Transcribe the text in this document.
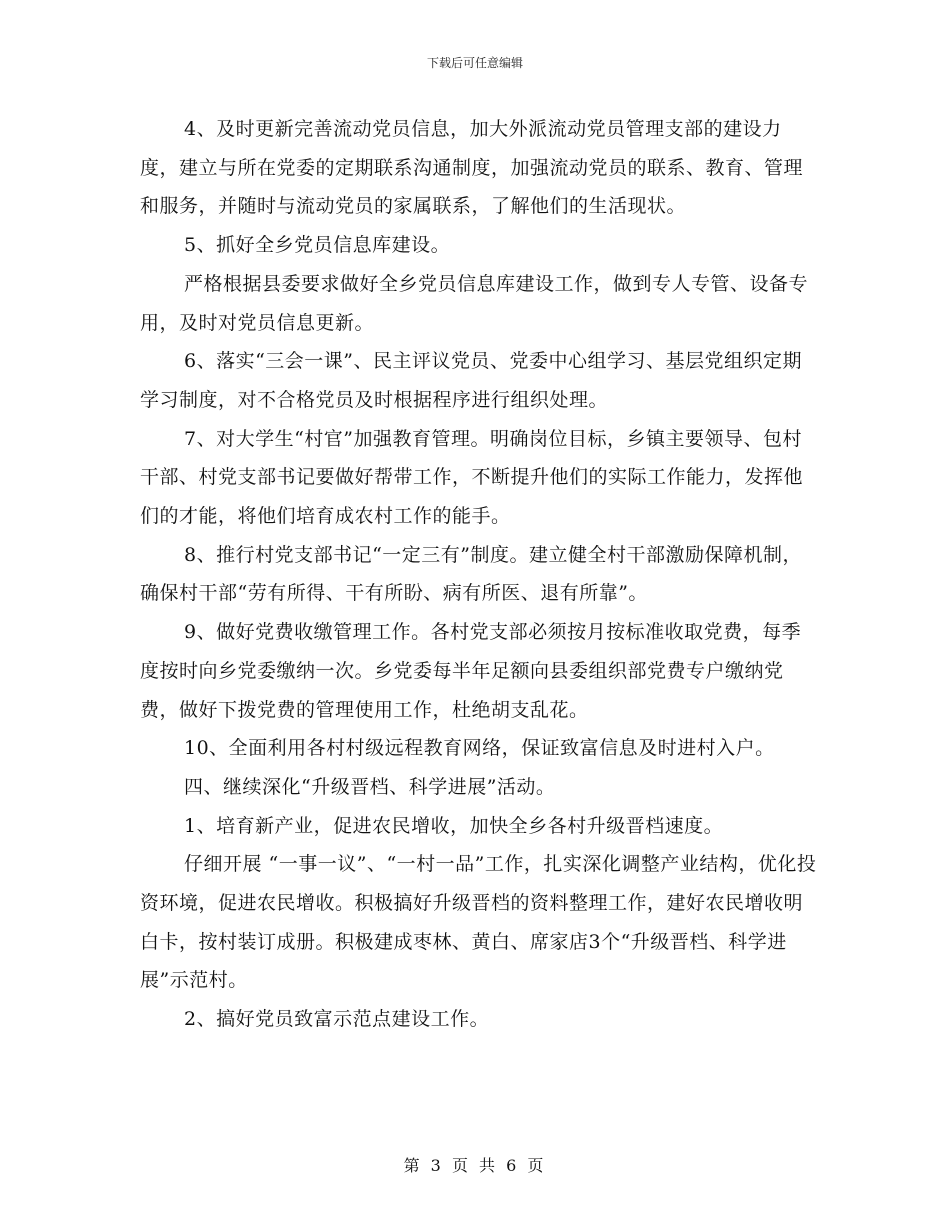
下载后可任意编辑

4、及时更新完善流动党员信息，加大外派流动党员管理支部的建设力度，建立与所在党委的定期联系沟通制度，加强流动党员的联系、教育、管理和服务，并随时与流动党员的家属联系，了解他们的生活现状。

5、抓好全乡党员信息库建设。

严格根据县委要求做好全乡党员信息库建设工作，做到专人专管、设备专用，及时对党员信息更新。

6、落实“三会一课”、民主评议党员、党委中心组学习、基层党组织定期学习制度，对不合格党员及时根据程序进行组织处理。

7、对大学生“村官”加强教育管理。明确岗位目标，乡镇主要领导、包村干部、村党支部书记要做好帮带工作，不断提升他们的实际工作能力，发挥他们的才能，将他们培育成农村工作的能手。

8、推行村党支部书记“一定三有”制度。建立健全村干部激励保障机制，确保村干部“劳有所得、干有所盼、病有所医、退有所靠”。

9、做好党费收缴管理工作。各村党支部必须按月按标准收取党费，每季度按时向乡党委缴纳一次。乡党委每半年足额向县委组织部党费专户缴纳党费，做好下拨党费的管理使用工作，杜绝胡支乱花。

10、全面利用各村村级远程教育网络，保证致富信息及时进村入户。

四、继续深化“升级晋档、科学进展”活动。

1、培育新产业，促进农民增收，加快全乡各村升级晋档速度。

仔细开展 “一事一议”、“一村一品”工作，扎实深化调整产业结构，优化投资环境，促进农民增收。积极搞好升级晋档的资料整理工作，建好农民增收明白卡，按村装订成册。积极建成枣林、黄白、席家店3个“升级晋档、科学进展”示范村。

2、搞好党员致富示范点建设工作。

第 3 页 共 6 页
